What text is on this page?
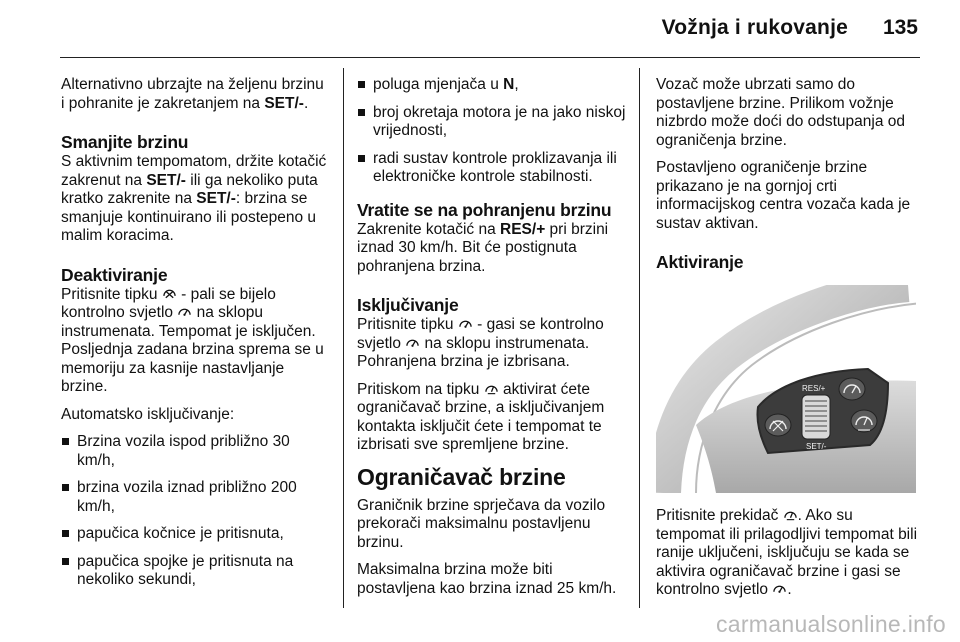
Vožnja i rukovanje 135

Alternativno ubrzajte na željenu brzinu i pohranite je zakretanjem na SET/-.

Smanjite brzinu

S aktivnim tempomatom, držite kotačić zakrenut na SET/- ili ga nekoliko puta kratko zakrenite na SET/-: brzina se smanjuje kontinuirano ili postepeno u malim koracima.

Deaktiviranje

Pritisnite tipku  - pali se bijelo kontrolno svjetlo  na sklopu instrumenata. Tempomat je isključen. Posljednja zadana brzina sprema se u memoriju za kasnije nastavljanje brzine.

Automatsko isključivanje:

Brzina vozila ispod približno 30 km/h,
brzina vozila iznad približno 200 km/h,
papučica kočnice je pritisnuta,
papučica spojke je pritisnuta na nekoliko sekundi,
poluga mjenjača u N,
broj okretaja motora je na jako niskoj vrijednosti,
radi sustav kontrole proklizavanja ili elektroničke kontrole stabilnosti.
Vratite se na pohranjenu brzinu

Zakrenite kotačić na RES/+ pri brzini iznad 30 km/h. Bit će postignuta pohranjena brzina.

Isključivanje

Pritisnite tipku  - gasi se kontrolno svjetlo  na sklopu instrumenata. Pohranjena brzina je izbrisana.

Pritiskom na tipku  aktivirat ćete ograničavač brzine, a isključivanjem kontakta isključit ćete i tempomat te izbrisati sve spremljene brzine.

Ograničavač brzine

Graničnik brzine sprječava da vozilo prekorači maksimalnu postavljenu brzinu.

Maksimalna brzina može biti postavljena kao brzina iznad 25 km/h.

Vozač može ubrzati samo do postavljene brzine. Prilikom vožnje nizbrdo može doći do odstupanja od ograničenja brzine.

Postavljeno ograničenje brzine prikazano je na gornjoj crti informacijskog centra vozača kada je sustav aktivan.

Aktiviranje
RES/+
SET/-

Pritisnite prekidač . Ako su tempomat ili prilagodljivi tempomat bili ranije uključeni, isključuju se kada se aktivira ograničavač brzine i gasi se kontrolno svjetlo .

carmanualsonline.info
